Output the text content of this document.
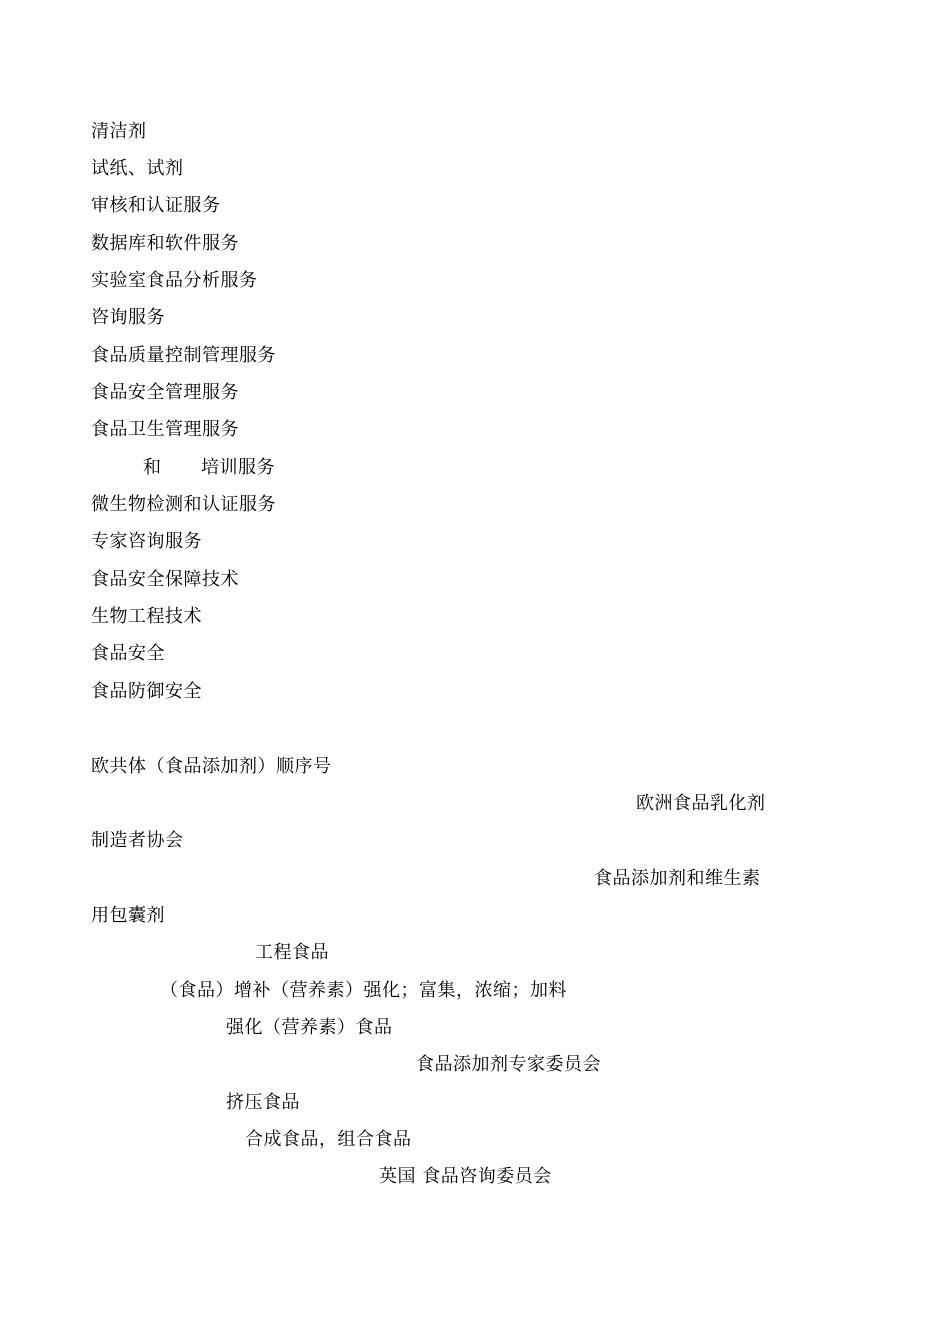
清洁剂
试纸、试剂
审核和认证服务
数据库和软件服务
实验室食品分析服务
咨询服务
食品质量控制管理服务
食品安全管理服务
食品卫生管理服务
和 培训服务
微生物检测和认证服务
专家咨询服务
食品安全保障技术
生物工程技术
食品安全
食品防御安全
欧共体（食品添加剂）顺序号
欧洲食品乳化剂
制造者协会
食品添加剂和维生素
用包囊剂
工程食品
（食品）增补（营养素）强化；富集，浓缩；加料
强化（营养素）食品
食品添加剂专家委员会
挤压食品
合成食品，组合食品
英国 食品咨询委员会
